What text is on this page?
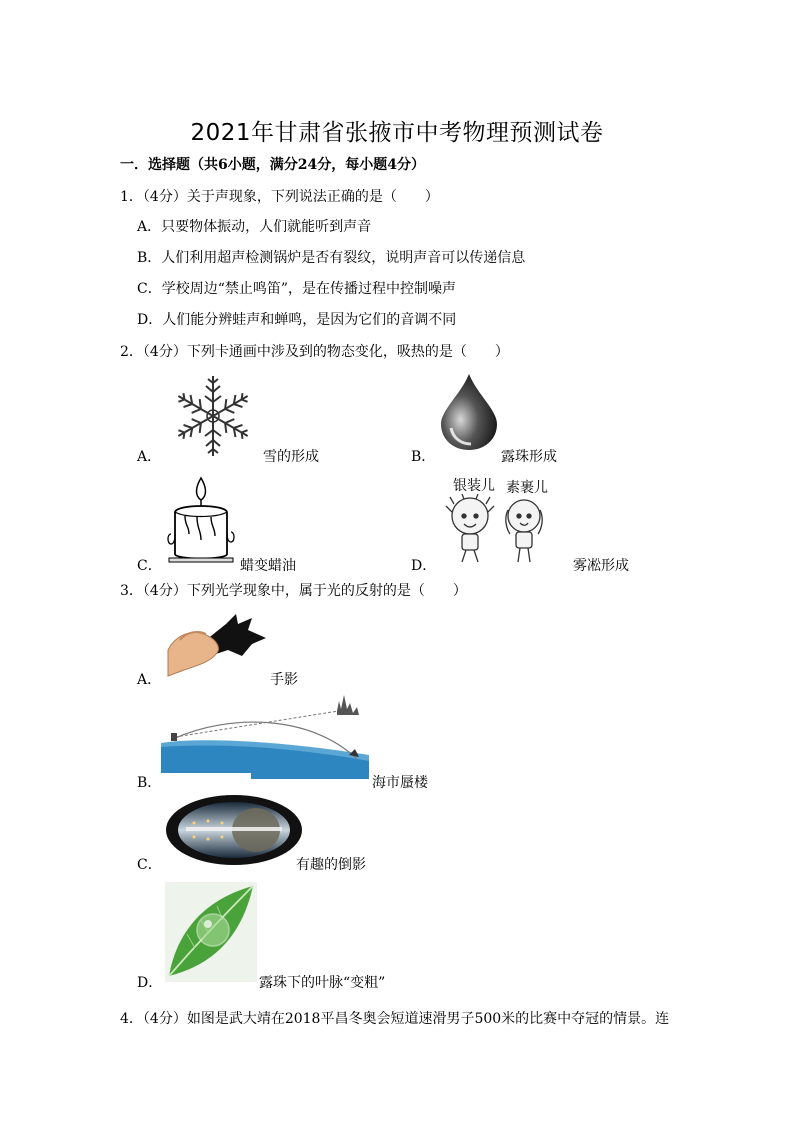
2021年甘肃省张掖市中考物理预测试卷
一．选择题（共6小题，满分24分，每小题4分）
1．（4分）关于声现象，下列说法正确的是（　　）
A．只要物体振动，人们就能听到声音
B．人们利用超声检测锅炉是否有裂纹，说明声音可以传递信息
C．学校周边“禁止鸣笛”，是在传播过程中控制噪声
D．人们能分辨蛙声和蝉鸣，是因为它们的音调不同
2．（4分）下列卡通画中涉及到的物态变化，吸热的是（　　）
A．	雪的形成	B．	露珠形成
C．	蜡变蜡油
银装儿 素裹儿
D．	雾凇形成
3．（4分）下列光学现象中，属于光的反射的是（　　）
A．	手影
B．	海市蜃楼
C．	有趣的倒影
D．	露珠下的叶脉“变粗”
4．（4分）如图是武大靖在2018平昌冬奥会短道速滑男子500米的比赛中夺冠的情景。连
